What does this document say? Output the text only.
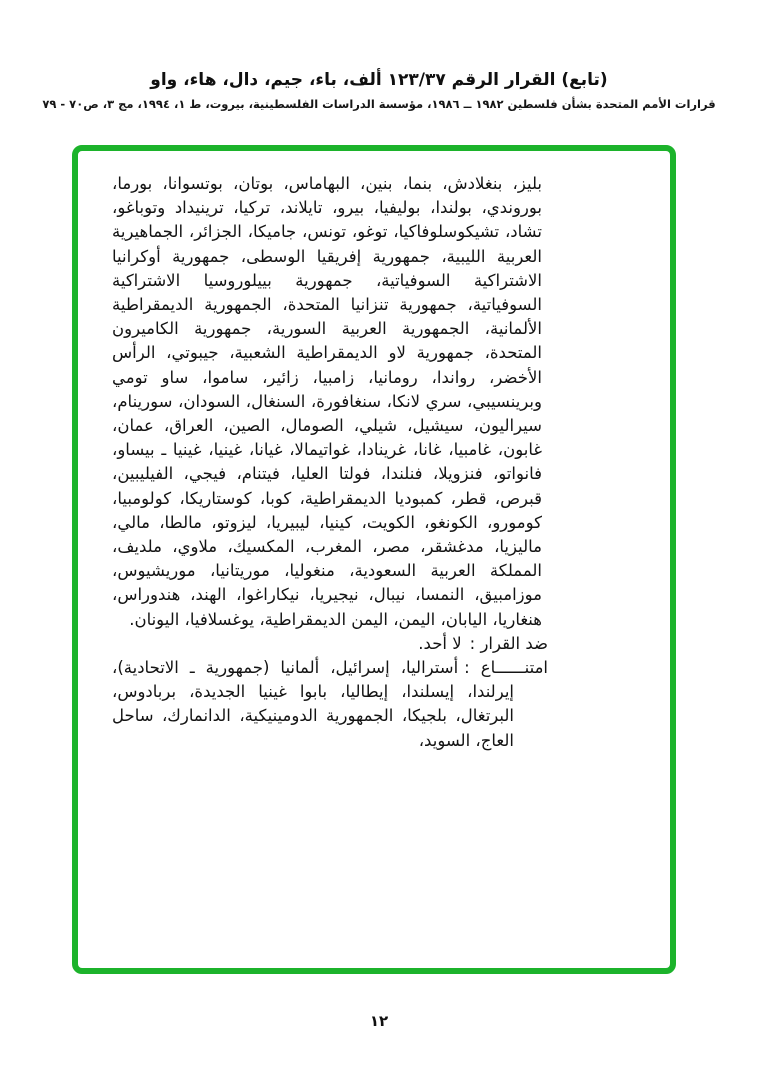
(تابع) القرار الرقم ١٢٣/٣٧ ألف، باء، جيم، دال، هاء، واو
قرارات الأمم المتحدة بشأن فلسطين ‪١٩٨٢ ــ ١٩٨٦‬، مؤسسة الدراسات الفلسطينية، بيروت، ط ١، ١٩٩٤، مج ٣، ص٧٠ - ٧٩

بليز، بنغلادش، بنما، بنين، البهاماس، بوتان، بوتسوانا، بورما، بوروندي، بولندا، بوليفيا، بيرو، تايلاند، تركيا، ترينيداد وتوباغو، تشاد، تشيكوسلوفاكيا، توغو، تونس، جاميكا، الجزائر، الجماهيرية العربية الليبية، جمهورية إفريقيا الوسطى، جمهورية أوكرانيا الاشتراكية السوفياتية، جمهورية بييلوروسيا الاشتراكية السوفياتية، جمهورية تنزانيا المتحدة، الجمهورية الديمقراطية الألمانية، الجمهورية العربية السورية، جمهورية الكاميرون المتحدة، جمهورية لاو الديمقراطية الشعبية، جيبوتي، الرأس الأخضر، رواندا، رومانيا، زامبيا، زائير، ساموا، ساو تومي وبرينسيبي، سري لانكا، سنغافورة، السنغال، السودان، سورينام، سيراليون، سيشيل، شيلي، الصومال، الصين، العراق، عمان، غابون، غامبيا، غانا، غرينادا، غواتيمالا، غيانا، غينيا، غينيا ـ بيساو، فانواتو، فنزويلا، فنلندا، فولتا العليا، فيتنام، فيجي، الفيليبين، قبرص، قطر، كمبوديا الديمقراطية، كوبا، كوستاريكا، كولومبيا، كومورو، الكونغو، الكويت، كينيا، ليبيريا، ليزوتو، مالطا، مالي، ماليزيا، مدغشقر، مصر، المغرب، المكسيك، ملاوي، ملديف، المملكة العربية السعودية، منغوليا، موريتانيا، موريشيوس، موزامبيق، النمسا، نيبال، نيجيريا، نيكاراغوا، الهند، هندوراس، هنغاريا، اليابان، اليمن، اليمن الديمقراطية، يوغسلافيا، اليونان.

ضد القرار :لا أحد.

امتنــــــاع :أستراليا، إسرائيل، ألمانيا (جمهورية ـ الاتحادية)، إيرلندا، إيسلندا، إيطاليا، بابوا غينيا الجديدة، بربادوس، البرتغال، بلجيكا، الجمهورية الدومينيكية، الدانمارك، ساحل العاج، السويد،

١٢
